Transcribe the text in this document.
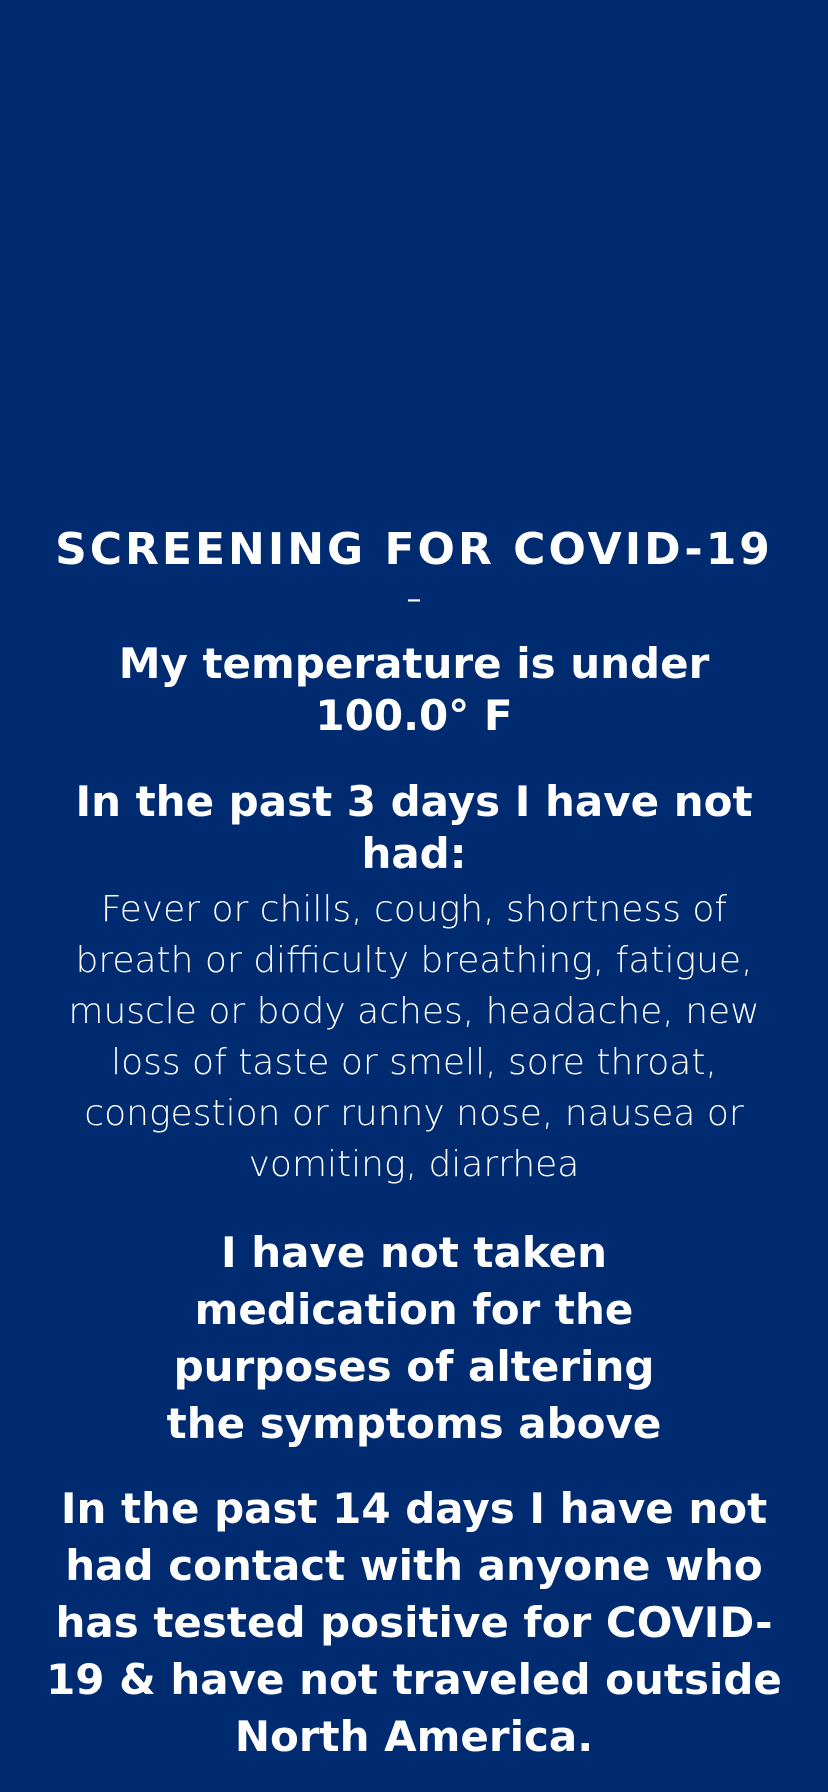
SCREENING FOR COVID-19
–
My temperature is under 100.0° F
In the past 3 days I have not had:
Fever or chills, cough, shortness of breath or difficulty breathing, fatigue, muscle or body aches, headache, new loss of taste or smell, sore throat, congestion or runny nose, nausea or vomiting, diarrhea
I have not taken medication for the purposes of altering the symptoms above
In the past 14 days I have not had contact with anyone who has tested positive for COVID-19 & have not traveled outside North America.
